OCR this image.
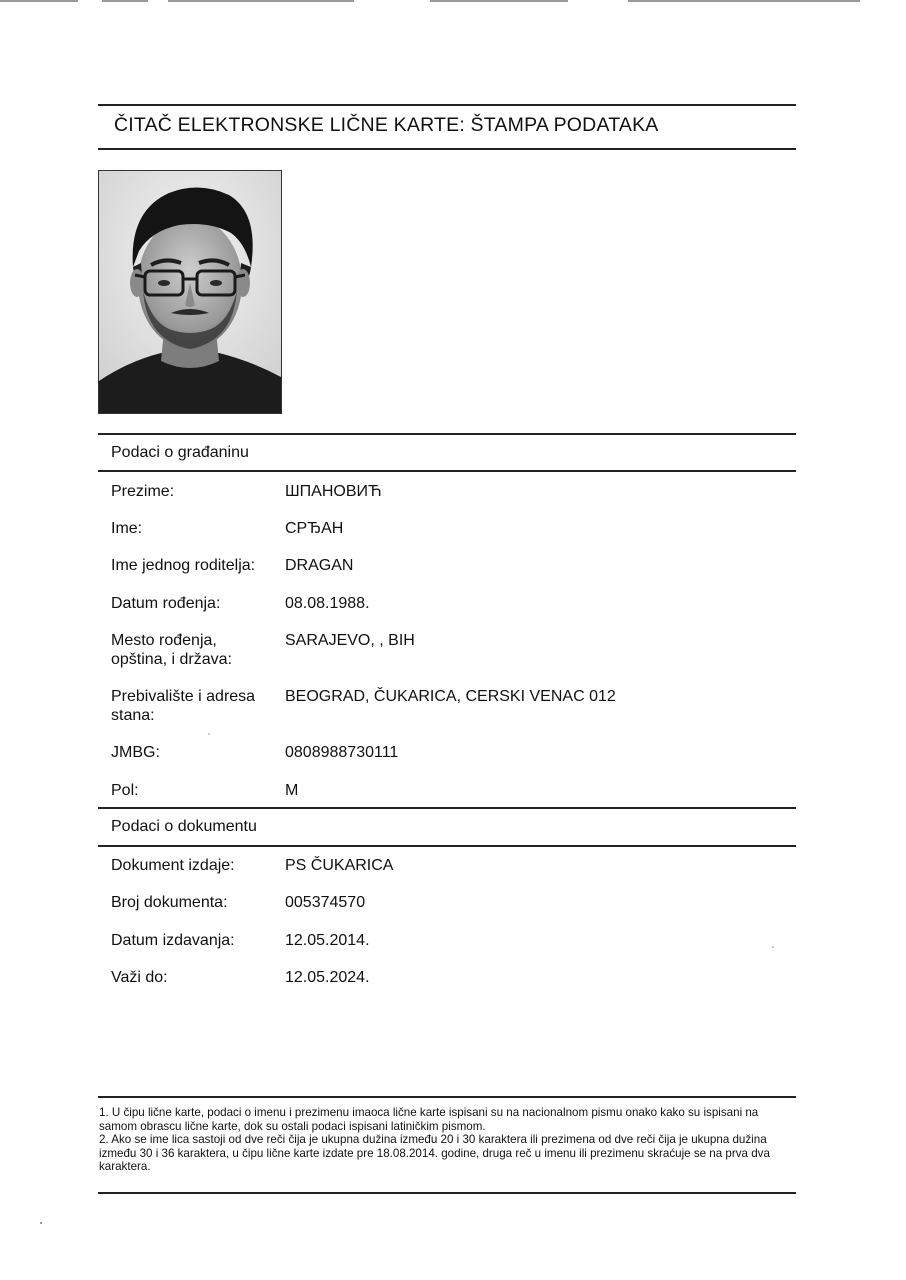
ČITAČ ELEKTRONSKE LIČNE KARTE: ŠTAMPA PODATAKA
Podaci o građaninu
Prezime:	ШПАНОВИЋ
Ime:	СРЂАН
Ime jednog roditelja:	DRAGAN
Datum rođenja:	08.08.1988.
Mesto rođenja,
opština, i država:
SARAJEVO, , BIH
Prebivalište i adresa
stana:
BEOGRAD, ČUKARICA, CERSKI VENAC 012
JMBG:	0808988730111
Pol:	M
Podaci o dokumentu
Dokument izdaje:	PS ČUKARICA
Broj dokumenta:	005374570
Datum izdavanja:	12.05.2014.
Važi do:	12.05.2024.

1. U čipu lične karte, podaci o imenu i prezimenu imaoca lične karte ispisani su na nacionalnom pismu onako kako su ispisani na samom obrascu lične karte, dok su ostali podaci ispisani latiničkim pismom.

2. Ako se ime lica sastoji od dve reči čija je ukupna dužina između 20 i 30 karaktera ili prezimena od dve reči čija je ukupna dužina između 30 i 36 karaktera, u čipu lične karte izdate pre 18.08.2014. godine, druga reč u imenu ili prezimenu skraćuje se na prva dva karaktera.
